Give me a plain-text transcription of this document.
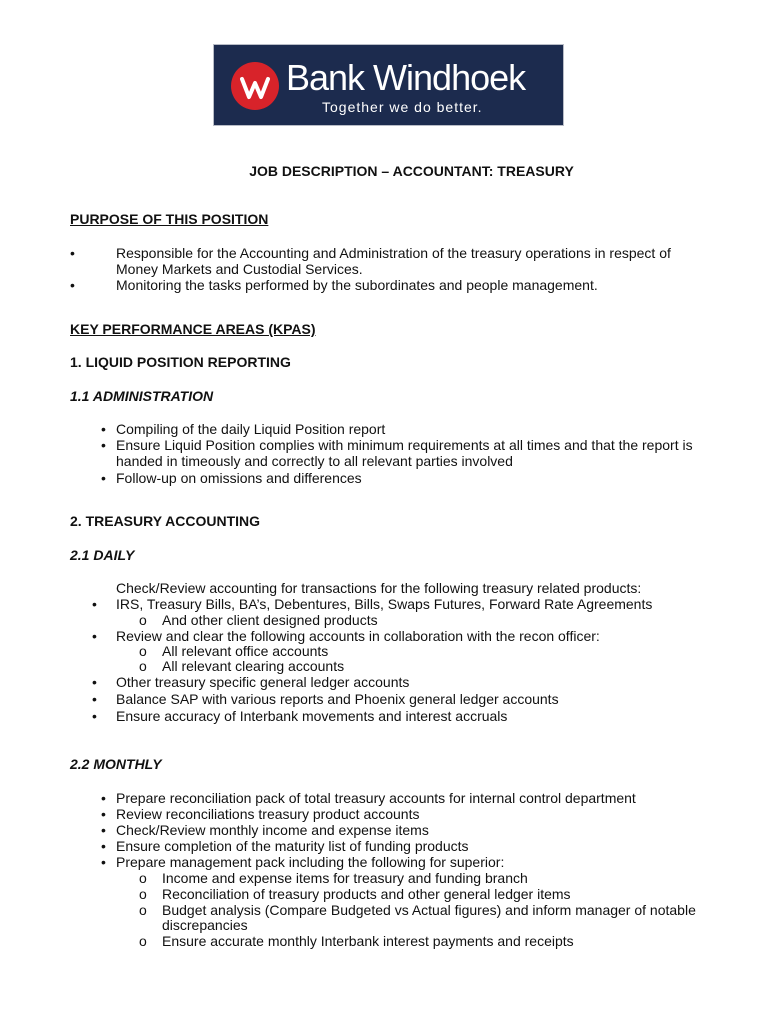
Bank Windhoek
Together we do better.
JOB DESCRIPTION – ACCOUNTANT: TREASURY
PURPOSE OF THIS POSITION
•	Responsible for the Accounting and Administration of the treasury operations in respect of
Money Markets and Custodial Services.
•	Monitoring the tasks performed by the subordinates and people management.
KEY PERFORMANCE AREAS (KPAS)
1. LIQUID POSITION REPORTING
1.1 ADMINISTRATION
• Compiling of the daily Liquid Position report
• Ensure Liquid Position complies with minimum requirements at all times and that the report is
handed in timeously and correctly to all relevant parties involved
• Follow-up on omissions and differences
2. TREASURY ACCOUNTING
2.1 DAILY
Check/Review accounting for transactions for the following treasury related products:
• IRS, Treasury Bills, BA’s, Debentures, Bills, Swaps Futures, Forward Rate Agreements
o And other client designed products
• Review and clear the following accounts in collaboration with the recon officer:
o All relevant office accounts
o All relevant clearing accounts
• Other treasury specific general ledger accounts
• Balance SAP with various reports and Phoenix general ledger accounts
• Ensure accuracy of Interbank movements and interest accruals
2.2 MONTHLY
• Prepare reconciliation pack of total treasury accounts for internal control department
• Review reconciliations treasury product accounts
• Check/Review monthly income and expense items
• Ensure completion of the maturity list of funding products
• Prepare management pack including the following for superior:
o Income and expense items for treasury and funding branch
o Reconciliation of treasury products and other general ledger items
o Budget analysis (Compare Budgeted vs Actual figures) and inform manager of notable
discrepancies
o Ensure accurate monthly Interbank interest payments and receipts
